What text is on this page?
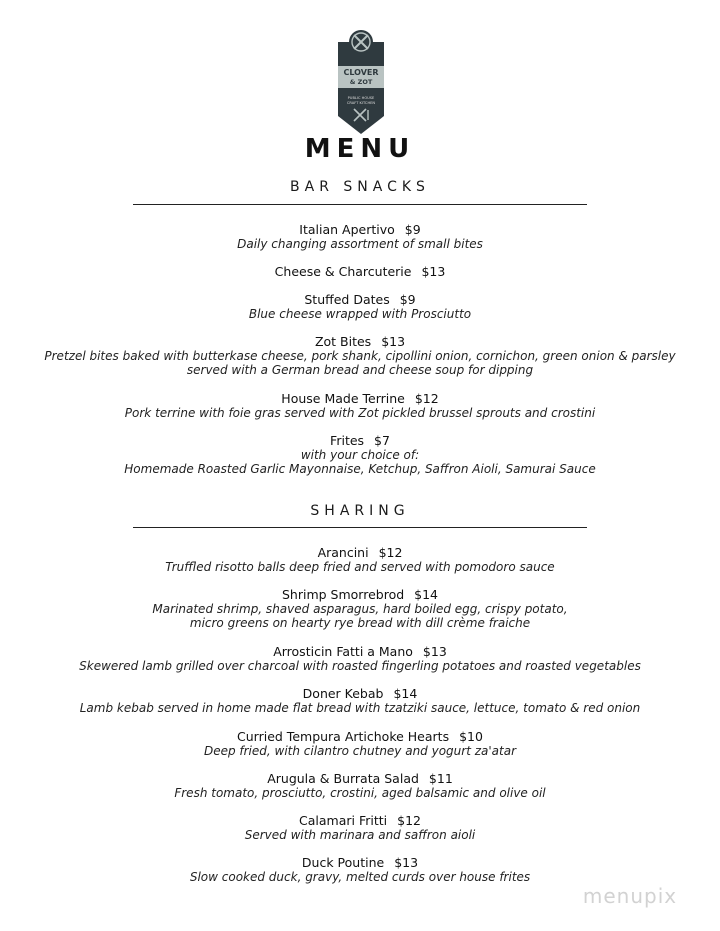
CLOVER
& ZOT
PUBLIC HOUSE
CRAFT KITCHEN
MENU
BAR SNACKS
Italian Apertivo $9
Daily changing assortment of small bites
Cheese & Charcuterie $13
Stuffed Dates $9
Blue cheese wrapped with Prosciutto
Zot Bites $13
Pretzel bites baked with butterkase cheese, pork shank, cipollini onion, cornichon, green onion & parsley
served with a German bread and cheese soup for dipping
House Made Terrine $12
Pork terrine with foie gras served with Zot pickled brussel sprouts and crostini
Frites $7
with your choice of:
Homemade Roasted Garlic Mayonnaise, Ketchup, Saffron Aioli, Samurai Sauce
SHARING
Arancini $12
Truffled risotto balls deep fried and served with pomodoro sauce
Shrimp Smorrebrod $14
Marinated shrimp, shaved asparagus, hard boiled egg, crispy potato,
micro greens on hearty rye bread with dill crème fraiche
Arrosticin Fatti a Mano $13
Skewered lamb grilled over charcoal with roasted fingerling potatoes and roasted vegetables
Doner Kebab $14
Lamb kebab served in home made flat bread with tzatziki sauce, lettuce, tomato & red onion
Curried Tempura Artichoke Hearts $10
Deep fried, with cilantro chutney and yogurt za'atar
Arugula & Burrata Salad $11
Fresh tomato, prosciutto, crostini, aged balsamic and olive oil
Calamari Fritti $12
Served with marinara and saffron aioli
Duck Poutine $13
Slow cooked duck, gravy, melted curds over house frites
menupix
